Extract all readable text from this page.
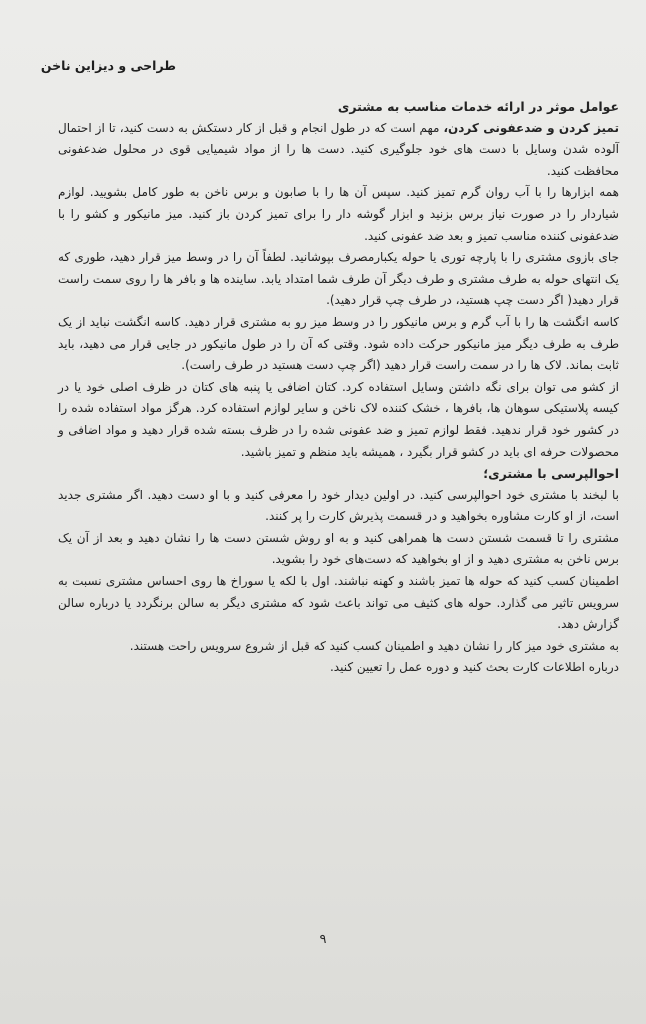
طراحی و دیزاین ناخن

عوامل موثر در ارائه خدمات مناسب به مشتری

تمیز کردن و ضدعفونی کردن، مهم است که در طول انجام و قبل از کار دستکش به دست کنید، تا از احتمال آلوده شدن وسایل با دست های خود جلوگیری کنید. دست ها را از مواد شیمیایی قوی در محلول ضدعفونی محافظت کنید.

همه ابزارها را با آب روان گرم تمیز کنید. سپس آن ها را با صابون و برس ناخن به طور کامل بشویید. لوازم شیاردار را در صورت نیاز برس بزنید و ابزار گوشه دار را برای تمیز کردن باز کنید. میز مانیکور و کشو را با ضدعفونی کننده مناسب تمیز و بعد ضد عفونی کنید.

جای بازوی مشتری را با پارچه توری یا حوله یکبارمصرف بپوشانید. لطفاً آن را در وسط میز قرار دهید، طوری که یک انتهای حوله به طرف مشتری و طرف دیگر آن طرف شما امتداد یابد. ساینده ها و بافر ها را روی سمت راست قرار دهید( اگر دست چپ هستید، در طرف چپ قرار دهید).

کاسه انگشت ها را با آب گرم و برس مانیکور را در وسط میز رو به مشتری قرار دهید. کاسه انگشت نباید از یک طرف به طرف دیگر میز مانیکور حرکت داده شود. وقتی که آن را در طول مانیکور در جایی قرار می دهید، باید ثابت بماند. لاک ها را در سمت راست قرار دهید (اگر چپ دست هستید در طرف راست).

از کشو می توان برای نگه داشتن وسایل استفاده کرد. کتان اضافی یا پنبه های کتان در ظرف اصلی خود یا در کیسه پلاستیکی سوهان ها، بافرها ، خشک کننده لاک ناخن و سایر لوازم استفاده کرد. هرگز مواد استفاده شده را در کشور خود قرار ندهید. فقط لوازم تمیز و ضد عفونی شده را در ظرف بسته شده قرار دهید و مواد اضافی و محصولات حرفه ای باید در کشو قرار بگیرد ، همیشه باید منظم و تمیز باشید.

احوالپرسی با مشتری؛

با لبخند با مشتری خود احوالپرسی کنید. در اولین دیدار خود را معرفی کنید و با او دست دهید. اگر مشتری جدید است، از او کارت مشاوره بخواهید و در قسمت پذیرش کارت را پر کنند.

مشتری را تا قسمت شستن دست ها همراهی کنید و به او روش شستن دست ها را نشان دهید و بعد از آن یک برس ناخن به مشتری دهید و از او بخواهید که دست‌های خود را بشوید.

اطمینان کسب کنید که حوله ها تمیز باشند و کهنه نباشند. اول با لکه یا سوراخ ها روی احساس مشتری نسبت به سرویس تاثیر می گذارد. حوله های کثیف می تواند باعث شود که مشتری دیگر به سالن برنگردد یا درباره سالن گزارش دهد.

به مشتری خود میز کار را نشان دهید و اطمینان کسب کنید که قبل از شروع سرویس راحت هستند.

درباره اطلاعات کارت بحث کنید و دوره عمل را تعیین کنید.

۹
